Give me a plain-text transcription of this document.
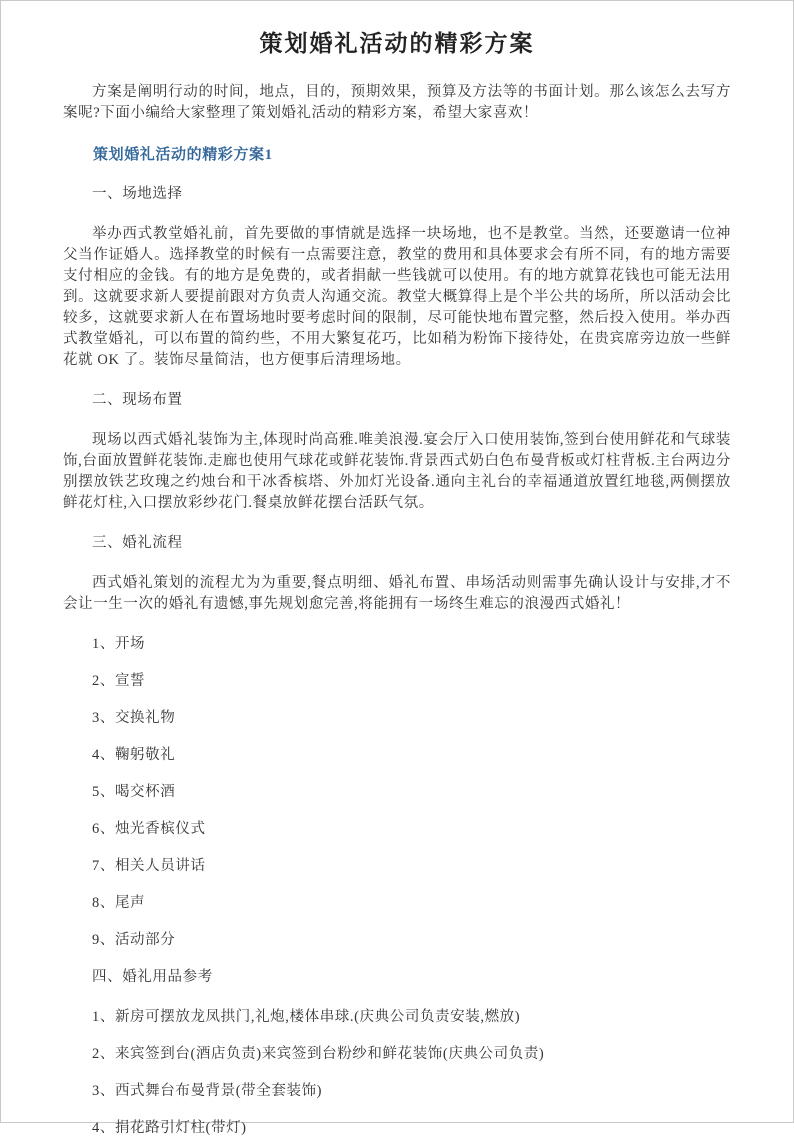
策划婚礼活动的精彩方案

方案是阐明行动的时间，地点，目的，预期效果，预算及方法等的书面计划。那么该怎么去写方案呢?下面小编给大家整理了策划婚礼活动的精彩方案，希望大家喜欢！

策划婚礼活动的精彩方案1

一、场地选择

举办西式教堂婚礼前，首先要做的事情就是选择一块场地，也不是教堂。当然，还要邀请一位神父当作证婚人。选择教堂的时候有一点需要注意，教堂的费用和具体要求会有所不同，有的地方需要支付相应的金钱。有的地方是免费的，或者捐献一些钱就可以使用。有的地方就算花钱也可能无法用到。这就要求新人要提前跟对方负责人沟通交流。教堂大概算得上是个半公共的场所，所以活动会比较多，这就要求新人在布置场地时要考虑时间的限制，尽可能快地布置完整，然后投入使用。举办西式教堂婚礼，可以布置的简约些，不用大繁复花巧，比如稍为粉饰下接待处，在贵宾席旁边放一些鲜花就 OK 了。装饰尽量简洁，也方便事后清理场地。

二、现场布置

现场以西式婚礼装饰为主,体现时尚高雅.唯美浪漫.宴会厅入口使用装饰,签到台使用鲜花和气球装饰,台面放置鲜花装饰.走廊也使用气球花或鲜花装饰.背景西式奶白色布曼背板或灯柱背板.主台两边分别摆放铁艺玫瑰之约烛台和干冰香槟塔、外加灯光设备.通向主礼台的幸福通道放置红地毯,两侧摆放鲜花灯柱,入口摆放彩纱花门.餐桌放鲜花摆台活跃气氛。

三、婚礼流程

西式婚礼策划的流程尤为为重要,餐点明细、婚礼布置、串场活动则需事先确认设计与安排,才不会让一生一次的婚礼有遗憾,事先规划愈完善,将能拥有一场终生难忘的浪漫西式婚礼！

1、开场

2、宣誓

3、交换礼物

4、鞠躬敬礼

5、喝交杯酒

6、烛光香槟仪式

7、相关人员讲话

8、尾声

9、活动部分

四、婚礼用品参考

1、新房可摆放龙凤拱门,礼炮,楼体串球.(庆典公司负责安装,燃放)

2、来宾签到台(酒店负责)来宾签到台粉纱和鲜花装饰(庆典公司负责)

3、西式舞台布曼背景(带全套装饰)

4、捐花路引灯柱(带灯)
